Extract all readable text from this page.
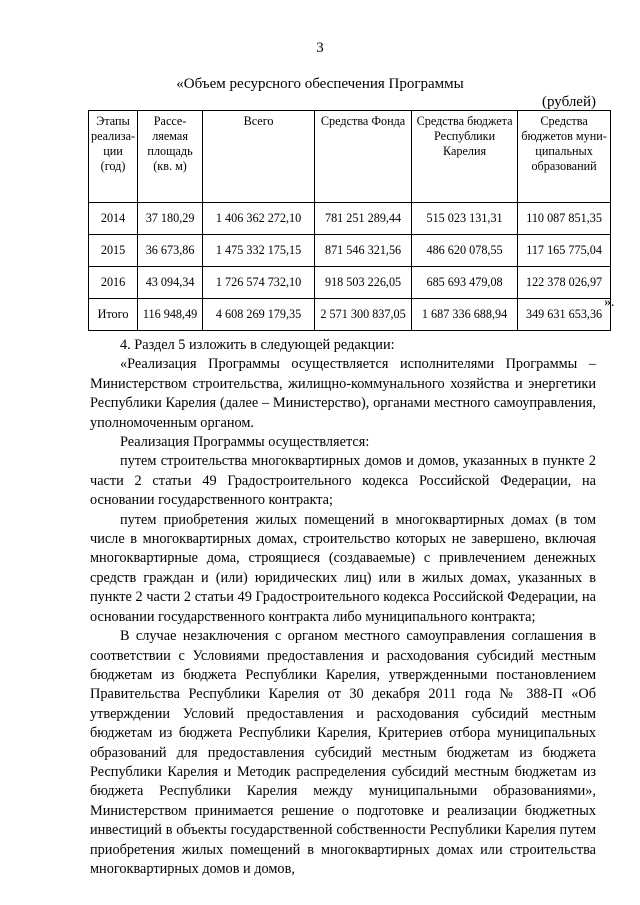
3
«Объем ресурсного обеспечения Программы
(рублей)
Этапы реализа-ции (год)	Рассе-ляемая площадь (кв. м)	Всего	Средства Фонда	Средства бюджета Республики Карелия	Средства бюджетов муни-ципальных образований
2014	37 180,29	1 406 362 272,10	781 251 289,44	515 023 131,31	110 087 851,35
2015	36 673,86	1 475 332 175,15	871 546 321,56	486 620 078,55	117 165 775,04
2016	43 094,34	1 726 574 732,10	918 503 226,05	685 693 479,08	122 378 026,97
Итого	116 948,49	4 608 269 179,35	2 571 300 837,05	1 687 336 688,94	349 631 653,36
».

4. Раздел 5 изложить в следующей редакции:

«Реализация Программы осуществляется исполнителями Программы – Министерством строительства, жилищно-коммунального хозяйства и энергетики Республики Карелия (далее – Министерство), органами местного самоуправления, уполномоченным органом.

Реализация Программы осуществляется:

путем строительства многоквартирных домов и домов, указанных в пункте 2 части 2 статьи 49 Градостроительного кодекса Российской Федерации, на основании государственного контракта;

путем приобретения жилых помещений в многоквартирных домах (в том числе в многоквартирных домах, строительство которых не завершено, включая многоквартирные дома, строящиеся (создаваемые) с привлечением денежных средств граждан и (или) юридических лиц) или в жилых домах, указанных в пункте 2 части 2 статьи 49 Градостроительного кодекса Российской Федерации, на основании государственного контракта либо муниципального контракта;

В случае незаключения с органом местного самоуправления соглашения в соответствии с Условиями предоставления и расходования субсидий местным бюджетам из бюджета Республики Карелия, утвержденными постановлением Правительства Республики Карелия от 30 декабря 2011 года № 388-П «Об утверждении Условий предоставления и расходования субсидий местным бюджетам из бюджета Республики Карелия, Критериев отбора муниципальных образований для предоставления субсидий местным бюджетам из бюджета Республики Карелия и Методик распределения субсидий местным бюджетам из бюджета Республики Карелия между муниципальными образованиями», Министерством принимается решение о подготовке и реализации бюджетных инвестиций в объекты государственной собственности Республики Карелия путем приобретения жилых помещений в многоквартирных домах или строительства многоквартирных домов и домов,
